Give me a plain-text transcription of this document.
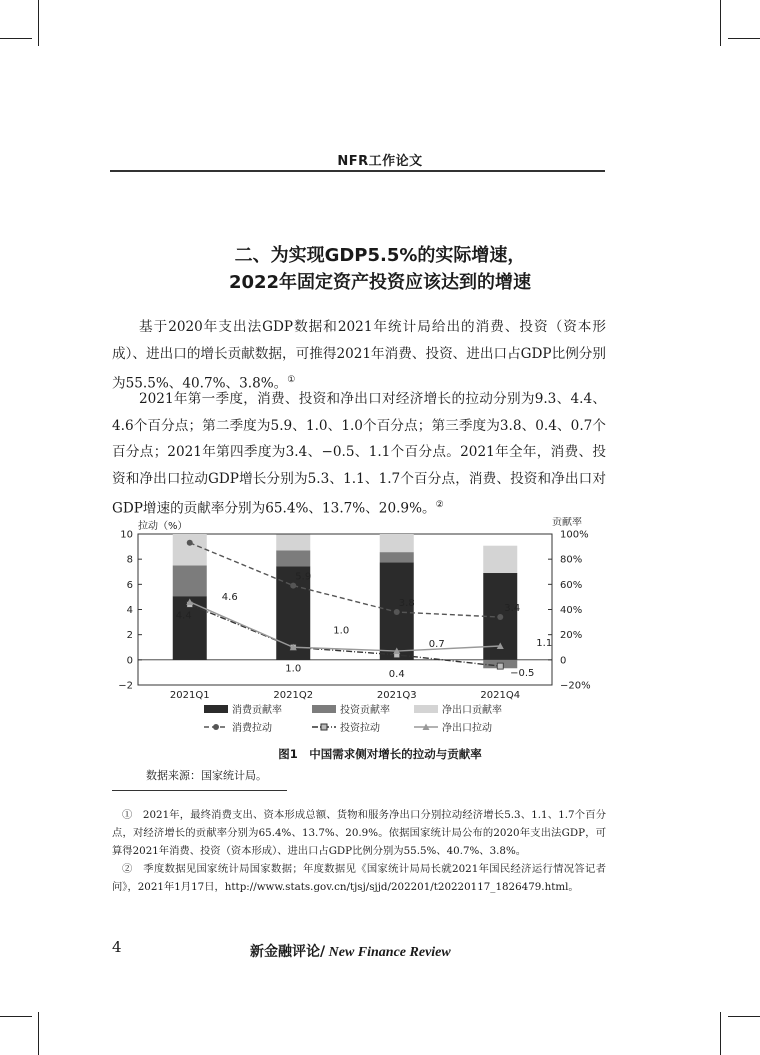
NFR工作论文
二、为实现GDP5.5%的实际增速，
2022年固定资产投资应该达到的增速
基于2020年支出法GDP数据和2021年统计局给出的消费、投资（资本形成）、进出口的增长贡献数据，可推得2021年消费、投资、进出口占GDP比例分别为55.5%、40.7%、3.8%。①
2021年第一季度，消费、投资和净出口对经济增长的拉动分别为9.3、4.4、4.6个百分点；第二季度为5.9、1.0、1.0个百分点；第三季度为3.8、0.4、0.7个百分点；2021年第四季度为3.4、−0.5、1.1个百分点。2021年全年，消费、投资和净出口拉动GDP增长分别为5.3、1.1、1.7个百分点，消费、投资和净出口对GDP增速的贡献率分别为65.4%、13.7%、20.9%。②
拉动（%）	贡献率
10
8
6
4
2
0
−2
100%
80%
60%
40%
20%
0
−20%
2021Q1	2021Q2	2021Q3	2021Q4
5.9
3.8	3.4
4.4
1.0
0.4	−0.5
4.6
1.0
0.7	1.1
消费贡献率	投资贡献率	净出口贡献率
消费拉动	投资拉动	净出口拉动
图1　中国需求侧对增长的拉动与贡献率
数据来源：国家统计局。
①　2021年，最终消费支出、资本形成总额、货物和服务净出口分别拉动经济增长5.3、1.1、1.7个百分点，对经济增长的贡献率分别为65.4%、13.7%、20.9%。依据国家统计局公布的2020年支出法GDP，可算得2021年消费、投资（资本形成）、进出口占GDP比例分别为55.5%、40.7%、3.8%。
②　季度数据见国家统计局国家数据；年度数据见《国家统计局局长就2021年国民经济运行情况答记者问》，2021年1月17日，http://www.stats.gov.cn/tjsj/sjjd/202201/t20220117_1826479.html。
4	新金融评论/ New Finance Review
